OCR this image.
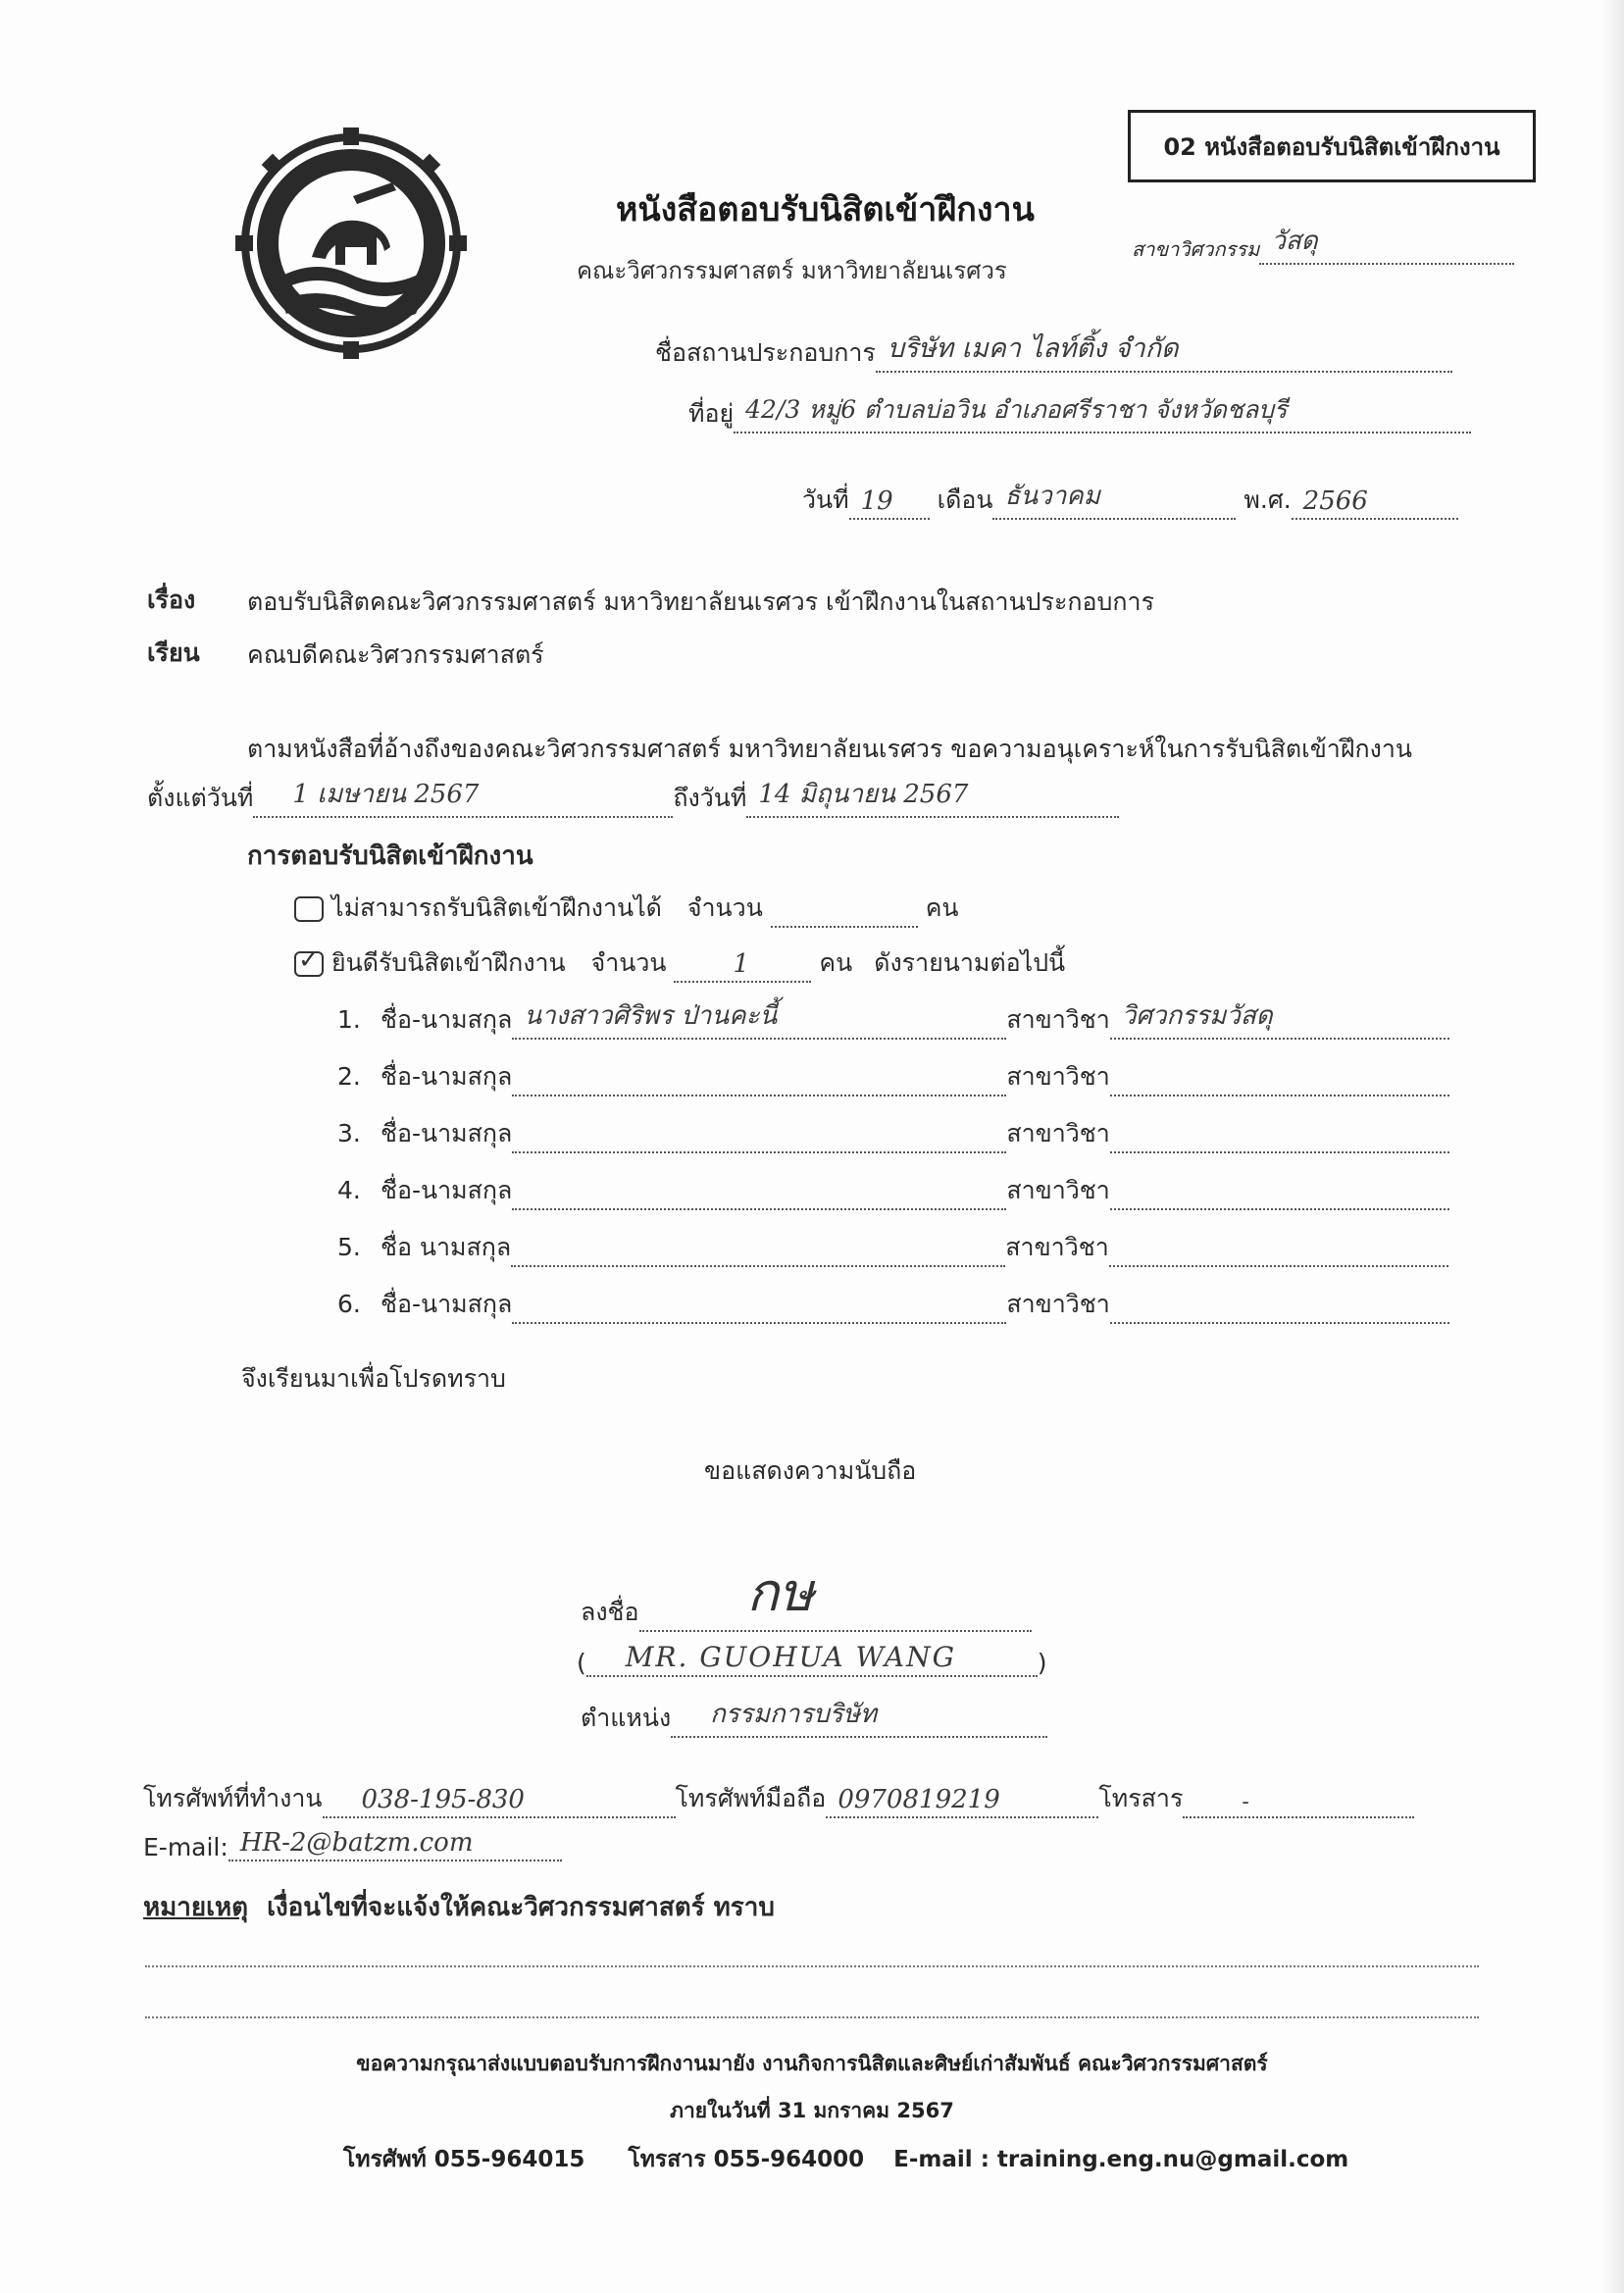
02 หนังสือตอบรับนิสิตเข้าฝึกงาน
หนังสือตอบรับนิสิตเข้าฝึกงาน
คณะวิศวกรรมศาสตร์ มหาวิทยาลัยนเรศวร
สาขาวิศวกรรม วัสดุ
ชื่อสถานประกอบการ บริษัท เมคา ไลท์ติ้ง จำกัด
ที่อยู่ 42/3 หมู่6 ตำบลบ่อวิน อำเภอศรีราชา จังหวัดชลบุรี
วันที่ 19 เดือน ธันวาคม	พ.ศ. 2566
เรื่อง ตอบรับนิสิตคณะวิศวกรรมศาสตร์ มหาวิทยาลัยนเรศวร เข้าฝึกงานในสถานประกอบการ
เรียน คณบดีคณะวิศวกรรมศาสตร์
ตามหนังสือที่อ้างถึงของคณะวิศวกรรมศาสตร์ มหาวิทยาลัยนเรศวร ขอความอนุเคราะห์ในการรับนิสิตเข้าฝึกงาน
ตั้งแต่วันที่ 1 เมษายน 2567	ถึงวันที่ 14 มิถุนายน 2567
การตอบรับนิสิตเข้าฝึกงาน
ไม่สามารถรับนิสิตเข้าฝึกงานได้ จำนวน	คน
✓ ยินดีรับนิสิตเข้าฝึกงาน จำนวน	1	คน ดังรายนามต่อไปนี้
1. ชื่อ-นามสกุล นางสาวศิริพร ป่านคะนี้	สาขาวิชา วิศวกรรมวัสดุ
2. ชื่อ-นามสกุล	สาขาวิชา
3. ชื่อ-นามสกุล	สาขาวิชา
4. ชื่อ-นามสกุล	สาขาวิชา
5. ชื่อ นามสกุล	สาขาวิชา
6. ชื่อ-นามสกุล	สาขาวิชา
จึงเรียนมาเพื่อโปรดทราบ
ขอแสดงความนับถือ
ลงชื่อ กษ
( MR. GUOHUA WANG	)
ตำแหน่ง กรรมการบริษัท
โทรศัพท์ที่ทำงาน 038-195-830	โทรศัพท์มือถือ 0970819219	โทรสาร	-
E-mail: HR-2@batzm.com
หมายเหตุ เงื่อนไขที่จะแจ้งให้คณะวิศวกรรมศาสตร์ ทราบ
ขอความกรุณาส่งแบบตอบรับการฝึกงานมายัง งานกิจการนิสิตและศิษย์เก่าสัมพันธ์ คณะวิศวกรรมศาสตร์
ภายในวันที่ 31 มกราคม 2567
โทรศัพท์ 055-964015 โทรสาร 055-964000 E-mail : training.eng.nu@gmail.com
